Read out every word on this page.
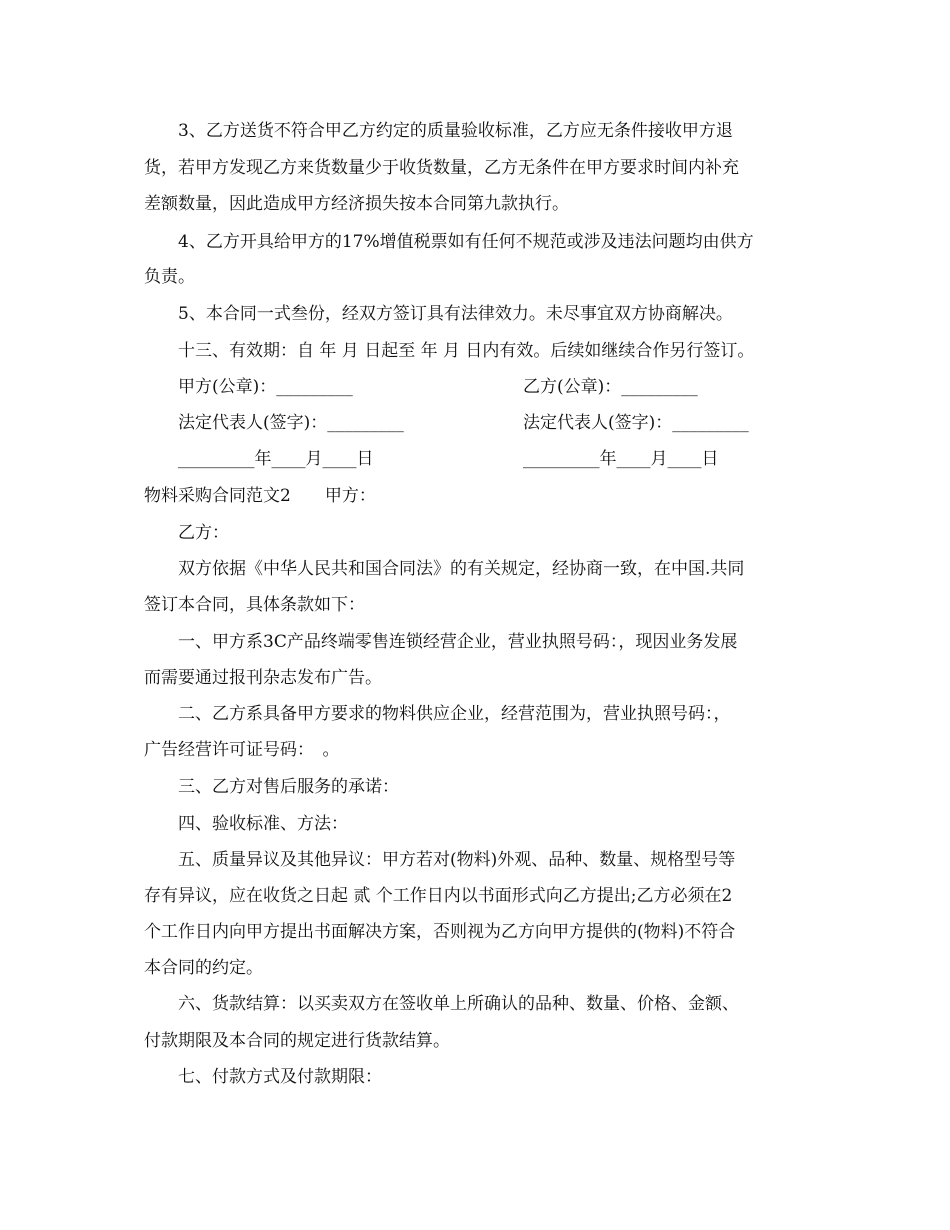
3、乙方送货不符合甲乙方约定的质量验收标准，乙方应无条件接收甲方退
货，若甲方发现乙方来货数量少于收货数量，乙方无条件在甲方要求时间内补充
差额数量，因此造成甲方经济损失按本合同第九款执行。
4、乙方开具给甲方的17%增值税票如有任何不规范或涉及违法问题均由供方
负责。
5、本合同一式叁份，经双方签订具有法律效力。未尽事宜双方协商解决。
十三、有效期：自 年 月 日起至 年 月 日内有效。后续如继续合作另行签订。
甲方(公章)：_________	乙方(公章)：_________
法定代表人(签字)：_________	法定代表人(签字)：_________
_________年____月____日	_________年____月____日
物料采购合同范文2　　甲方：
乙方：
双方依据《中华人民共和国合同法》的有关规定，经协商一致，在中国.共同
签订本合同，具体条款如下：
一、甲方系3C产品终端零售连锁经营企业，营业执照号码：，现因业务发展
而需要通过报刊杂志发布广告。
二、乙方系具备甲方要求的物料供应企业，经营范围为，营业执照号码：，
广告经营许可证号码：　。
三、乙方对售后服务的承诺：
四、验收标准、方法：
五、质量异议及其他异议：甲方若对(物料)外观、品种、数量、规格型号等
存有异议，应在收货之日起 贰 个工作日内以书面形式向乙方提出;乙方必须在2
个工作日内向甲方提出书面解决方案，否则视为乙方向甲方提供的(物料)不符合
本合同的约定。
六、货款结算：以买卖双方在签收单上所确认的品种、数量、价格、金额、
付款期限及本合同的规定进行货款结算。
七、付款方式及付款期限：
